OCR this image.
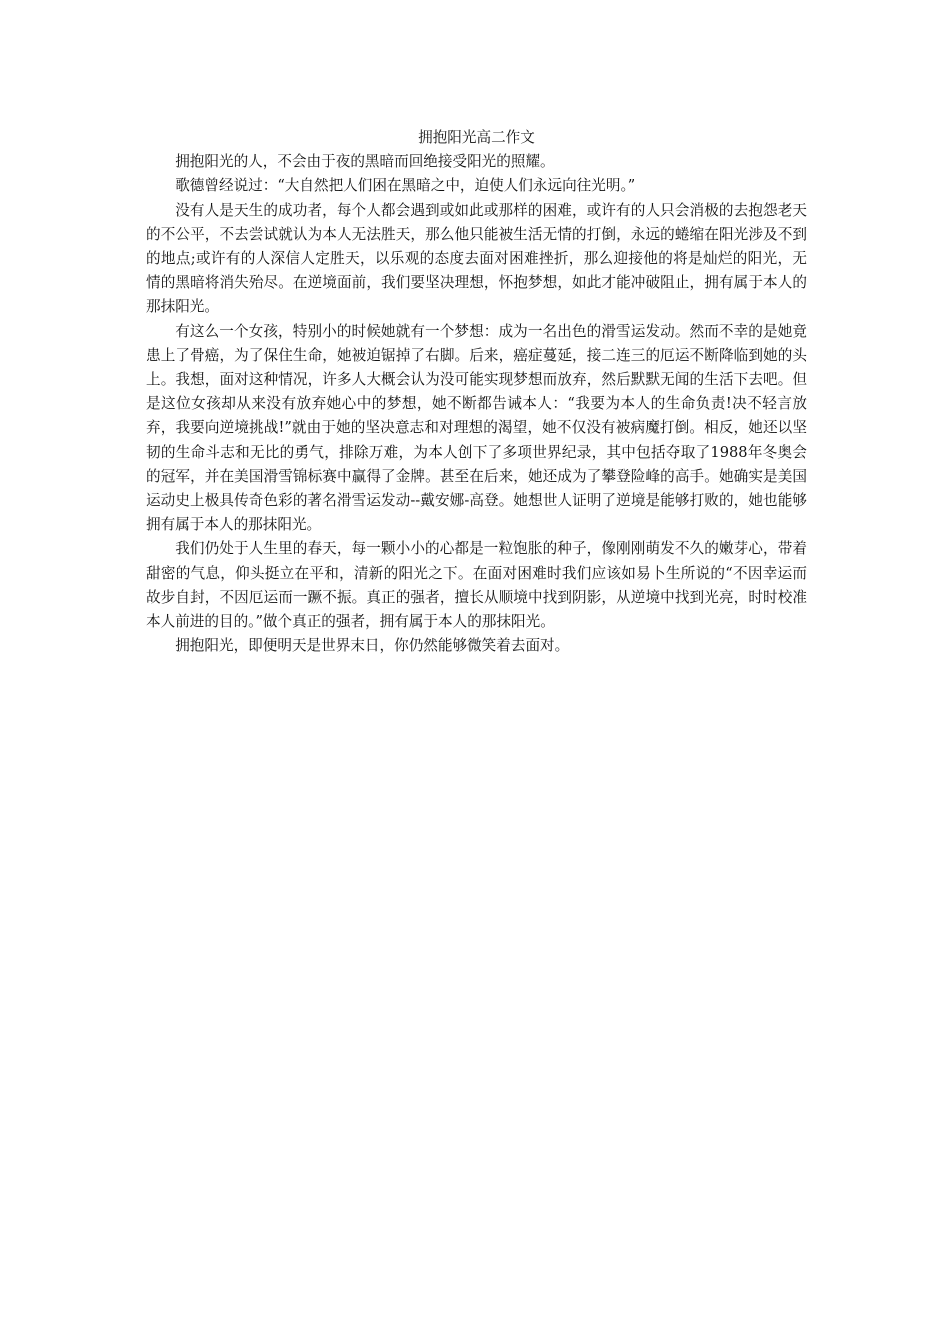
拥抱阳光高二作文

拥抱阳光的人，不会由于夜的黑暗而回绝接受阳光的照耀。

歌德曾经说过：“大自然把人们困在黑暗之中，迫使人们永远向往光明。”

没有人是天生的成功者，每个人都会遇到或如此或那样的困难，或许有的人只会消极的去抱怨老天的不公平，不去尝试就认为本人无法胜天，那么他只能被生活无情的打倒，永远的蜷缩在阳光涉及不到的地点;或许有的人深信人定胜天，以乐观的态度去面对困难挫折，那么迎接他的将是灿烂的阳光，无情的黑暗将消失殆尽。在逆境面前，我们要坚决理想，怀抱梦想，如此才能冲破阻止，拥有属于本人的那抹阳光。

有这么一个女孩，特别小的时候她就有一个梦想：成为一名出色的滑雪运发动。然而不幸的是她竟患上了骨癌，为了保住生命，她被迫锯掉了右脚。后来，癌症蔓延，接二连三的厄运不断降临到她的头上。我想，面对这种情况，许多人大概会认为没可能实现梦想而放弃，然后默默无闻的生活下去吧。但是这位女孩却从来没有放弃她心中的梦想，她不断都告诫本人：“我要为本人的生命负责!决不轻言放弃，我要向逆境挑战!”就由于她的坚决意志和对理想的渴望，她不仅没有被病魔打倒。相反，她还以坚韧的生命斗志和无比的勇气，排除万难，为本人创下了多项世界纪录，其中包括夺取了1988年冬奥会的冠军，并在美国滑雪锦标赛中赢得了金牌。甚至在后来，她还成为了攀登险峰的高手。她确实是美国运动史上极具传奇色彩的著名滑雪运发动--戴安娜-高登。她想世人证明了逆境是能够打败的，她也能够拥有属于本人的那抹阳光。

我们仍处于人生里的春天，每一颗小小的心都是一粒饱胀的种子，像刚刚萌发不久的嫩芽心，带着甜密的气息，仰头挺立在平和，清新的阳光之下。在面对困难时我们应该如易卜生所说的“不因幸运而故步自封，不因厄运而一蹶不振。真正的强者，擅长从顺境中找到阴影，从逆境中找到光亮，时时校准本人前进的目的。”做个真正的强者，拥有属于本人的那抹阳光。

拥抱阳光，即便明天是世界末日，你仍然能够微笑着去面对。
